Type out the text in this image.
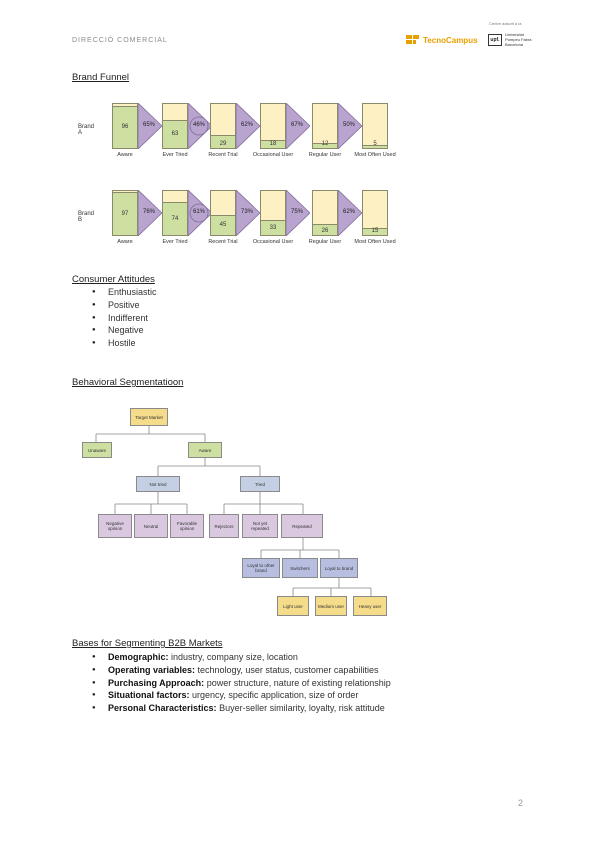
DIRECCIÓ COMERCIAL	TecnoCampus
Centre adscrit a la
upf.
Universitat Pompeu Fabra Barcelona
Brand Funnel
Brand A
96
Aware
65%
63
Ever Tried
46%
29
Recent Trial
62%
18
Occasional User
67%
12
Regular User
50%
5
Most Often Used
Brand B
97
Aware
76%
74
Ever Tried
61%
45
Recent Trial
73%
33
Occasional User
75%
26
Regular User
62%
15
Most Often Used
Consumer Attitudes
● Enthusiastic
● Positive
● Indifferent
● Negative
● Hostile
Behavioral Segmentatioon
Target Market
Unaware	Aware
Not tried	Tried
Negative opinion	Neutral	Favorable opinion	Rejectors	Not yet repeated	Repeated
Loyal to other brand	Switchers	Loyal to brand
Light user	Medium user	Heavy user
Bases for Segmenting B2B Markets
● Demographic: industry, company size, location
● Operating variables: technology, user status, customer capabilities
● Purchasing Approach: power structure, nature of existing relationship
● Situational factors: urgency, specific application, size of order
● Personal Characteristics: Buyer-seller similarity, loyalty, risk attitude
2
